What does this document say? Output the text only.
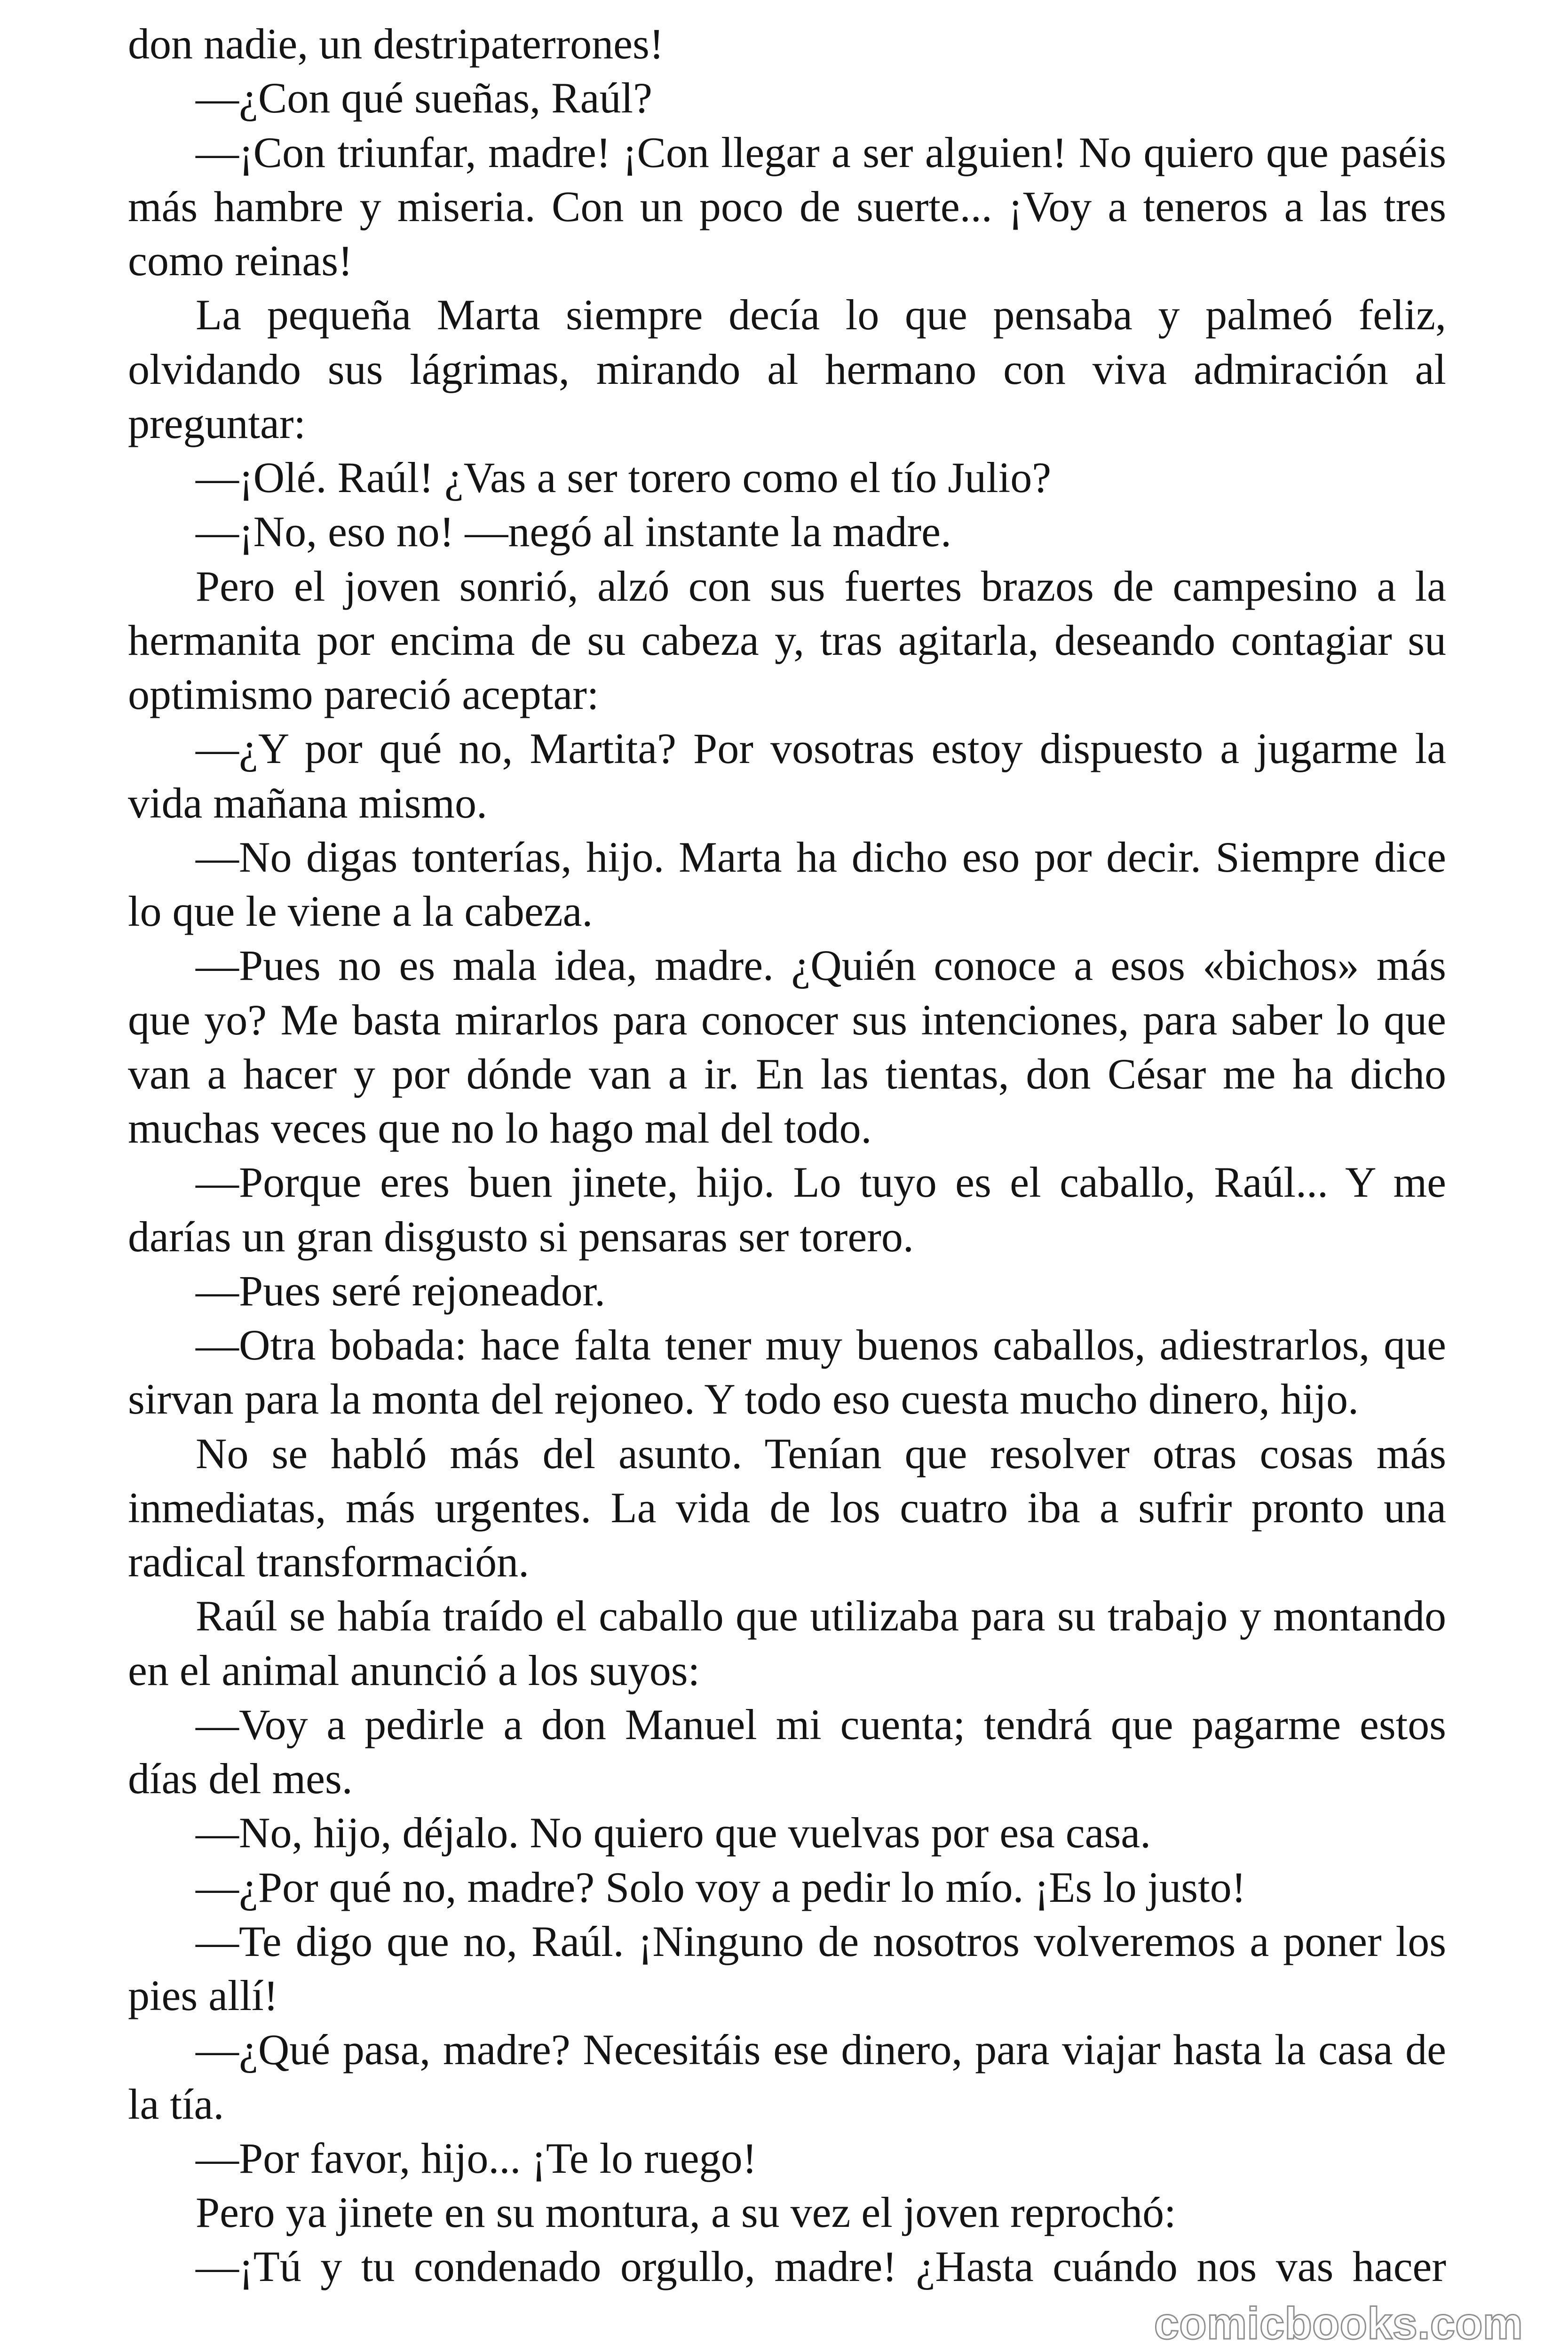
don nadie, un destripaterrones!
—¿Con qué sueñas, Raúl?
—¡Con triunfar, madre! ¡Con llegar a ser alguien! No quiero que paséis
más hambre y miseria. Con un poco de suerte... ¡Voy a teneros a las tres
como reinas!
La pequeña Marta siempre decía lo que pensaba y palmeó feliz,
olvidando sus lágrimas, mirando al hermano con viva admiración al
preguntar:
—¡Olé. Raúl! ¿Vas a ser torero como el tío Julio?
—¡No, eso no! —negó al instante la madre.
Pero el joven sonrió, alzó con sus fuertes brazos de campesino a la
hermanita por encima de su cabeza y, tras agitarla, deseando contagiar su
optimismo pareció aceptar:
—¿Y por qué no, Martita? Por vosotras estoy dispuesto a jugarme la
vida mañana mismo.
—No digas tonterías, hijo. Marta ha dicho eso por decir. Siempre dice
lo que le viene a la cabeza.
—Pues no es mala idea, madre. ¿Quién conoce a esos «bichos» más
que yo? Me basta mirarlos para conocer sus intenciones, para saber lo que
van a hacer y por dónde van a ir. En las tientas, don César me ha dicho
muchas veces que no lo hago mal del todo.
—Porque eres buen jinete, hijo. Lo tuyo es el caballo, Raúl... Y me
darías un gran disgusto si pensaras ser torero.
—Pues seré rejoneador.
—Otra bobada: hace falta tener muy buenos caballos, adiestrarlos, que
sirvan para la monta del rejoneo. Y todo eso cuesta mucho dinero, hijo.
No se habló más del asunto. Tenían que resolver otras cosas más
inmediatas, más urgentes. La vida de los cuatro iba a sufrir pronto una
radical transformación.
Raúl se había traído el caballo que utilizaba para su trabajo y montando
en el animal anunció a los suyos:
—Voy a pedirle a don Manuel mi cuenta; tendrá que pagarme estos
días del mes.
—No, hijo, déjalo. No quiero que vuelvas por esa casa.
—¿Por qué no, madre? Solo voy a pedir lo mío. ¡Es lo justo!
—Te digo que no, Raúl. ¡Ninguno de nosotros volveremos a poner los
pies allí!
—¿Qué pasa, madre? Necesitáis ese dinero, para viajar hasta la casa de
la tía.
—Por favor, hijo... ¡Te lo ruego!
Pero ya jinete en su montura, a su vez el joven reprochó:
—¡Tú y tu condenado orgullo, madre! ¿Hasta cuándo nos vas hacer
comicbooks.com
